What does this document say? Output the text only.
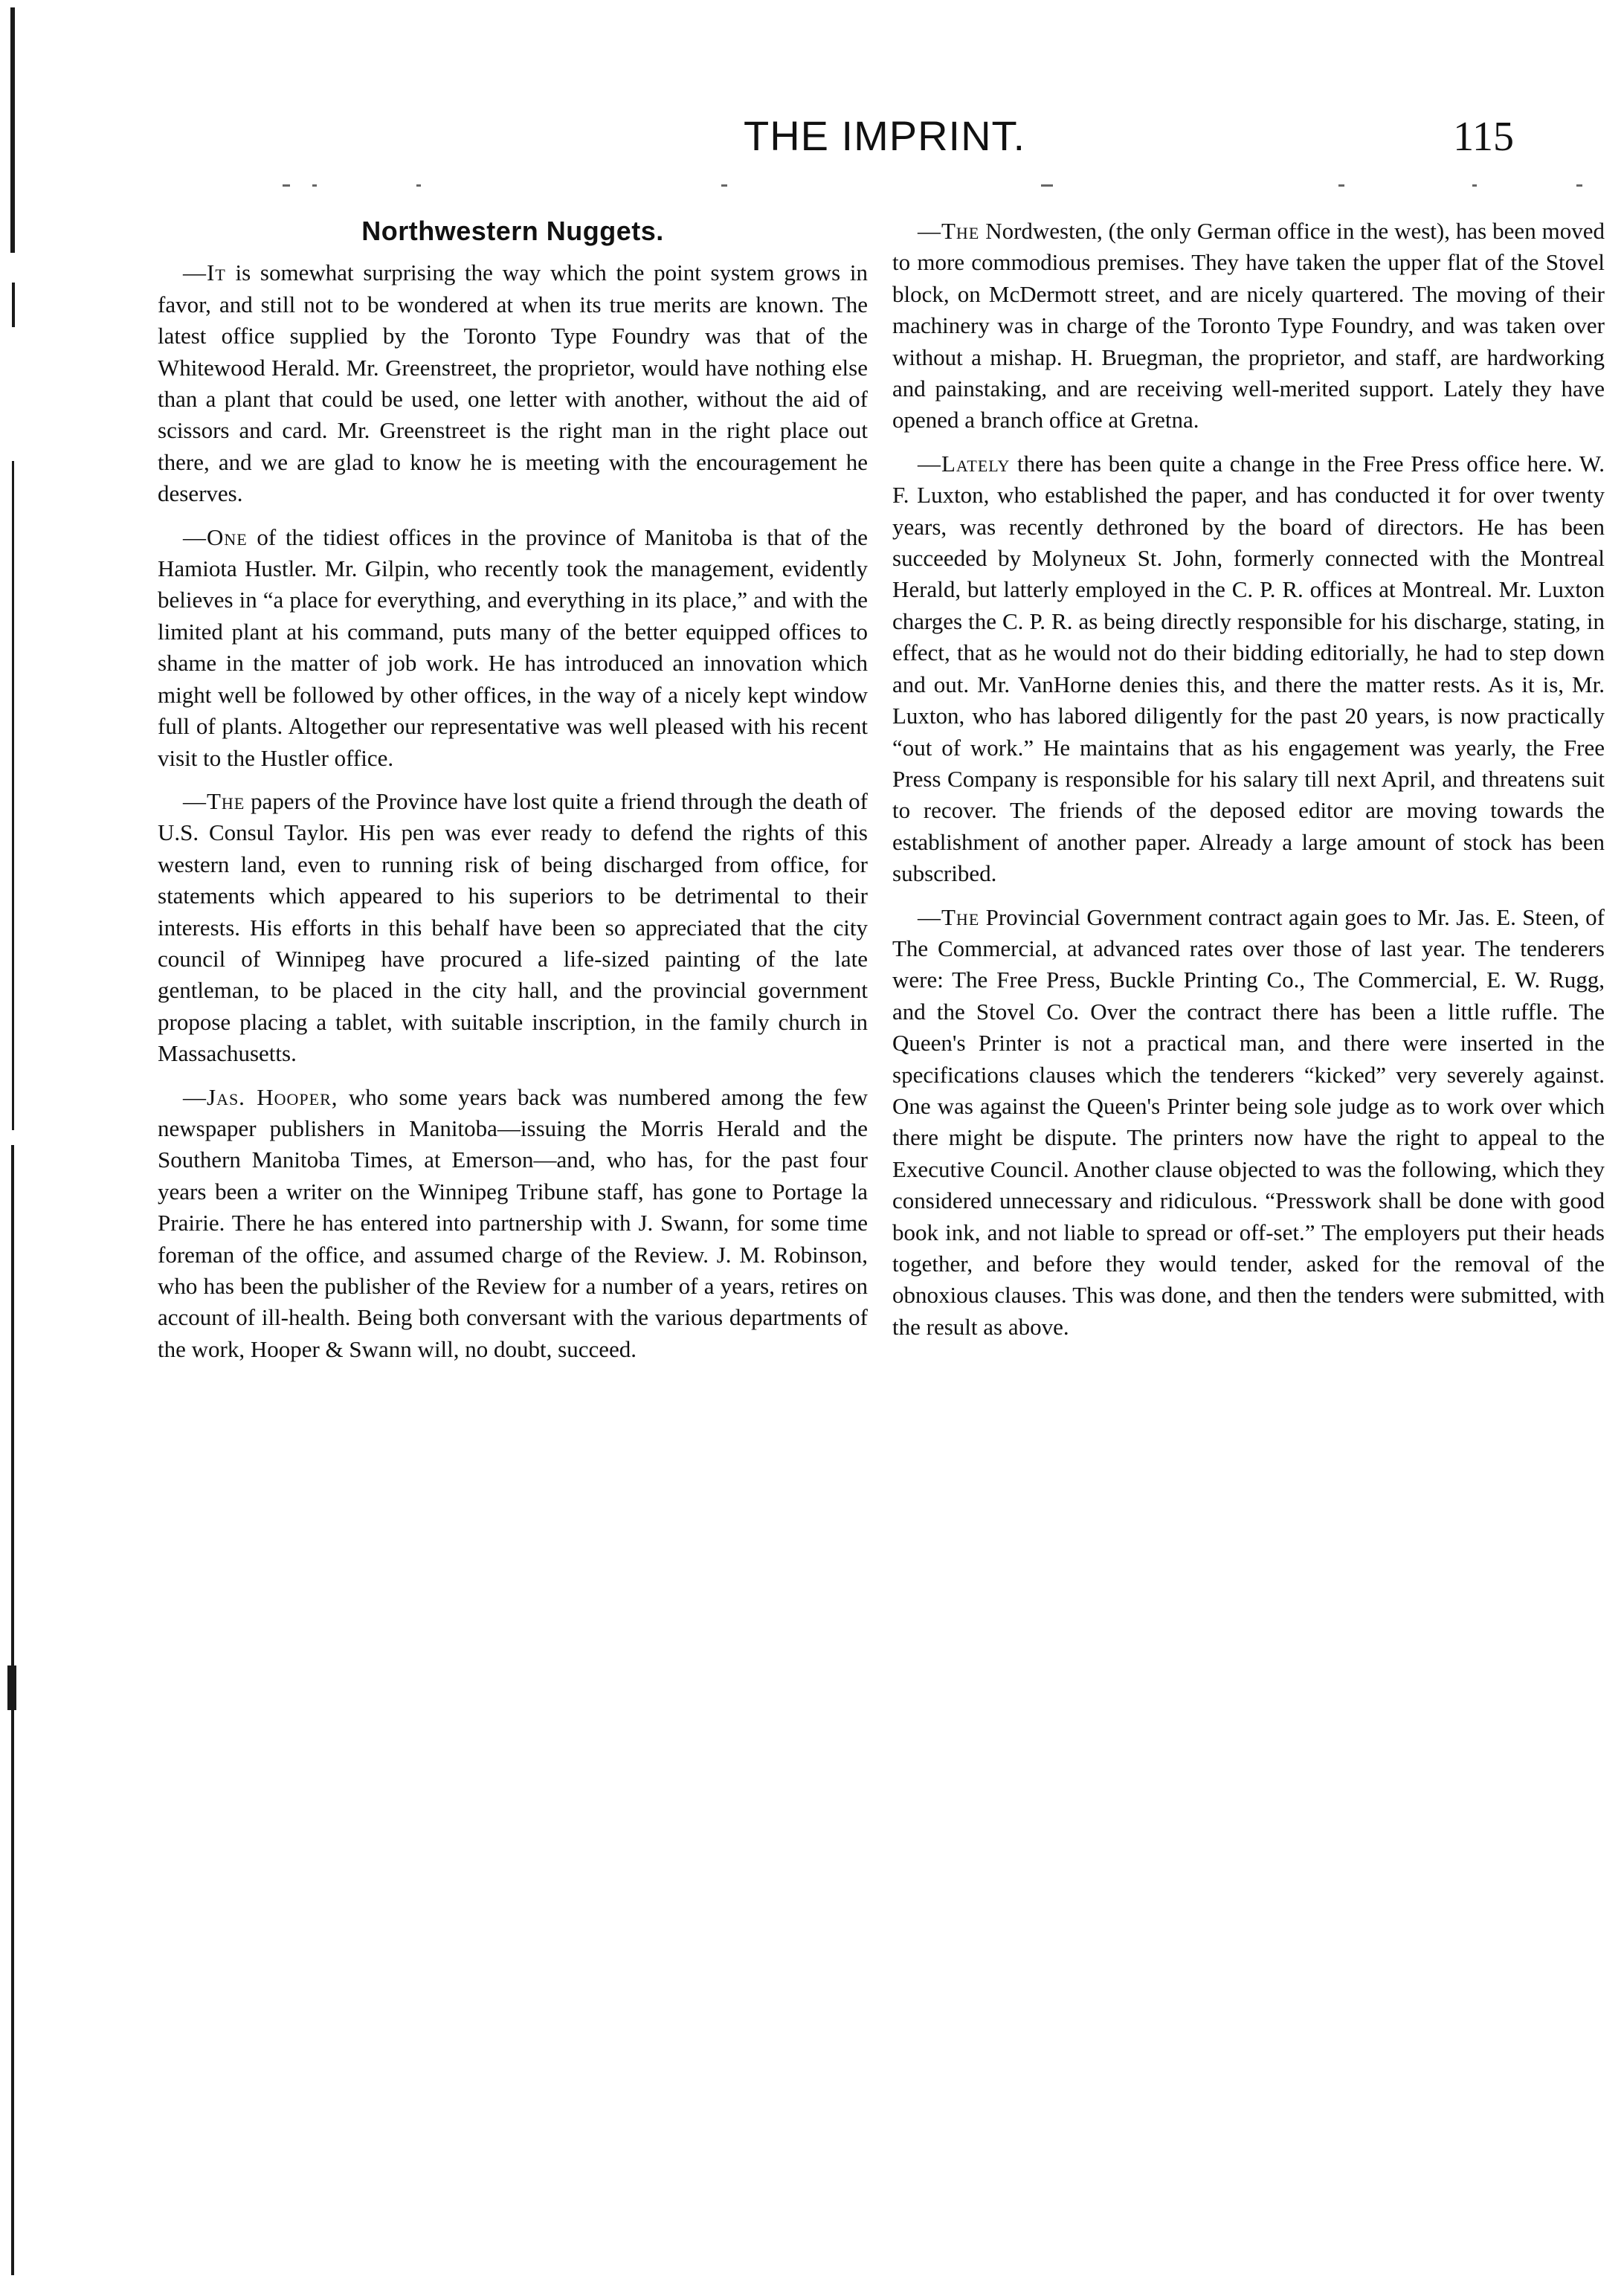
THE IMPRINT.	115
Northwestern Nuggets.

—It is somewhat surprising the way which the point system grows in favor, and still not to be wondered at when its true merits are known. The latest office supplied by the Toronto Type Foundry was that of the Whitewood Herald. Mr. Greenstreet, the proprietor, would have nothing else than a plant that could be used, one letter with another, without the aid of scissors and card. Mr. Greenstreet is the right man in the right place out there, and we are glad to know he is meeting with the encouragement he deserves.

—One of the tidiest offices in the province of Manitoba is that of the Hamiota Hustler. Mr. Gilpin, who recently took the management, evidently believes in “a place for everything, and everything in its place,” and with the limited plant at his command, puts many of the better equipped offices to shame in the matter of job work. He has introduced an innovation which might well be followed by other offices, in the way of a nicely kept window full of plants. Altogether our representative was well pleased with his recent visit to the Hustler office.

—The papers of the Province have lost quite a friend through the death of U.S. Consul Taylor. His pen was ever ready to defend the rights of this western land, even to running risk of being discharged from office, for statements which appeared to his superiors to be detrimental to their interests. His efforts in this behalf have been so appreciated that the city council of Winnipeg have procured a life-sized painting of the late gentleman, to be placed in the city hall, and the provincial government propose placing a tablet, with suitable inscription, in the family church in Massachusetts.

—Jas. Hooper, who some years back was numbered among the few newspaper publishers in Manitoba—issuing the Morris Herald and the Southern Manitoba Times, at Emerson—and, who has, for the past four years been a writer on the Winnipeg Tribune staff, has gone to Portage la Prairie. There he has entered into partnership with J. Swann, for some time foreman of the office, and assumed charge of the Review. J. M. Robinson, who has been the publisher of the Review for a number of a years, retires on account of ill-health. Being both conversant with the various departments of the work, Hooper & Swann will, no doubt, succeed.

—The Nordwesten, (the only German office in the west), has been moved to more commodious premises. They have taken the upper flat of the Stovel block, on McDermott street, and are nicely quartered. The moving of their machinery was in charge of the Toronto Type Foundry, and was taken over without a mishap. H. Bruegman, the proprietor, and staff, are hardworking and painstaking, and are receiving well-merited support. Lately they have opened a branch office at Gretna.

—Lately there has been quite a change in the Free Press office here. W. F. Luxton, who established the paper, and has conducted it for over twenty years, was recently dethroned by the board of directors. He has been succeeded by Molyneux St. John, formerly connected with the Montreal Herald, but latterly employed in the C. P. R. offices at Montreal. Mr. Luxton charges the C. P. R. as being directly responsible for his discharge, stating, in effect, that as he would not do their bidding editorially, he had to step down and out. Mr. VanHorne denies this, and there the matter rests. As it is, Mr. Luxton, who has labored diligently for the past 20 years, is now practically “out of work.” He maintains that as his engagement was yearly, the Free Press Company is responsible for his salary till next April, and threatens suit to recover. The friends of the deposed editor are moving towards the establishment of another paper. Already a large amount of stock has been subscribed.

—The Provincial Government contract again goes to Mr. Jas. E. Steen, of The Commercial, at advanced rates over those of last year. The tenderers were: The Free Press, Buckle Printing Co., The Commercial, E. W. Rugg, and the Stovel Co. Over the contract there has been a little ruffle. The Queen's Printer is not a practical man, and there were inserted in the specifications clauses which the tenderers “kicked” very severely against. One was against the Queen's Printer being sole judge as to work over which there might be dispute. The printers now have the right to appeal to the Executive Council. Another clause objected to was the following, which they considered unnecessary and ridiculous. “Presswork shall be done with good book ink, and not liable to spread or off-set.” The employers put their heads together, and before they would tender, asked for the removal of the obnoxious clauses. This was done, and then the tenders were submitted, with the result as above.
